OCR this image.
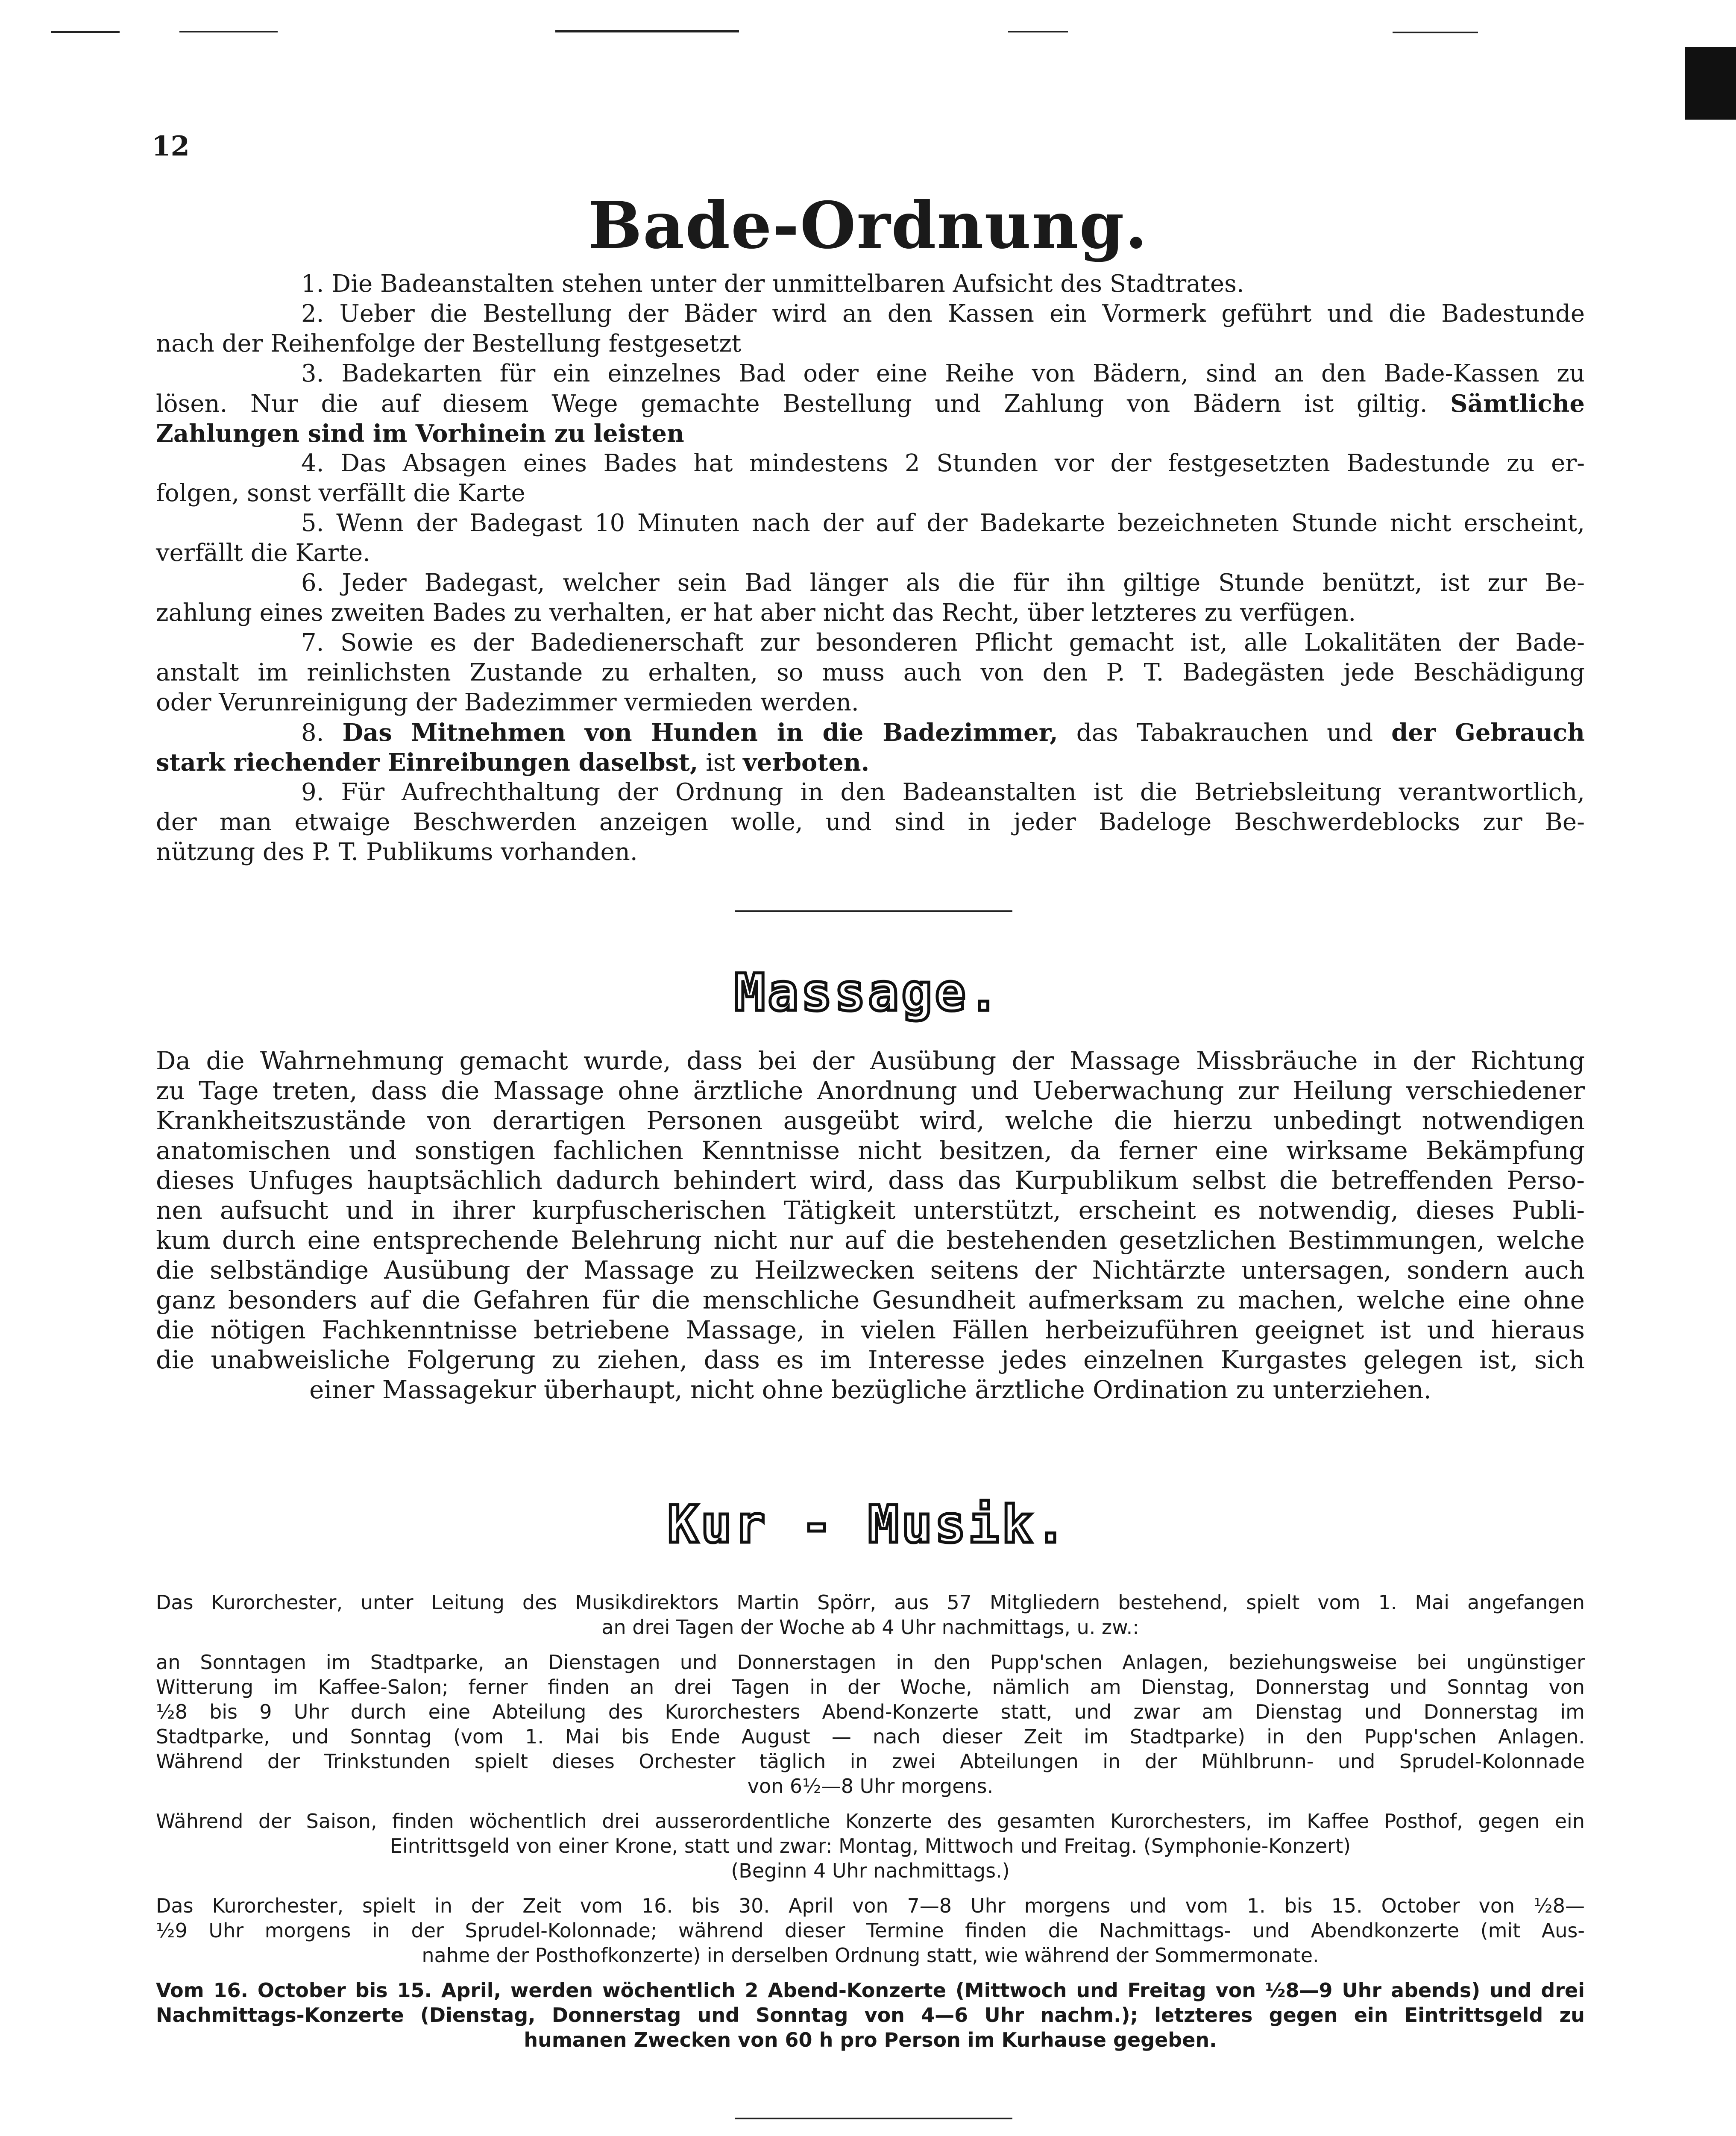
12
Bade-Ordnung.
1. Die Badeanstalten stehen unter der unmittelbaren Aufsicht des Stadtrates.
2. Ueber die Bestellung der Bäder wird an den Kassen ein Vormerk geführt und die Badestunde
nach der Reihenfolge der Bestellung festgesetzt
3. Badekarten für ein einzelnes Bad oder eine Reihe von Bädern, sind an den Bade-Kassen zu
lösen. Nur die auf diesem Wege gemachte Bestellung und Zahlung von Bädern ist giltig. Sämtliche
Zahlungen sind im Vorhinein zu leisten
4. Das Absagen eines Bades hat mindestens 2 Stunden vor der festgesetzten Badestunde zu er-
folgen, sonst verfällt die Karte
5. Wenn der Badegast 10 Minuten nach der auf der Badekarte bezeichneten Stunde nicht erscheint,
verfällt die Karte.
6. Jeder Badegast, welcher sein Bad länger als die für ihn giltige Stunde benützt, ist zur Be-
zahlung eines zweiten Bades zu verhalten, er hat aber nicht das Recht, über letzteres zu verfügen.
7. Sowie es der Badedienerschaft zur besonderen Pflicht gemacht ist, alle Lokalitäten der Bade-
anstalt im reinlichsten Zustande zu erhalten, so muss auch von den P. T. Badegästen jede Beschädigung
oder Verunreinigung der Badezimmer vermieden werden.
8. Das Mitnehmen von Hunden in die Badezimmer, das Tabakrauchen und der Gebrauch
stark riechender Einreibungen daselbst, ist verboten.
9. Für Aufrechthaltung der Ordnung in den Badeanstalten ist die Betriebsleitung verantwortlich,
der man etwaige Beschwerden anzeigen wolle, und sind in jeder Badeloge Beschwerdeblocks zur Be-
nützung des P. T. Publikums vorhanden.
Massage.
Da die Wahrnehmung gemacht wurde, dass bei der Ausübung der Massage Missbräuche in der Richtung
zu Tage treten, dass die Massage ohne ärztliche Anordnung und Ueberwachung zur Heilung verschiedener
Krankheitszustände von derartigen Personen ausgeübt wird, welche die hierzu unbedingt notwendigen
anatomischen und sonstigen fachlichen Kenntnisse nicht besitzen, da ferner eine wirksame Bekämpfung
dieses Unfuges hauptsächlich dadurch behindert wird, dass das Kurpublikum selbst die betreffenden Perso-
nen aufsucht und in ihrer kurpfuscherischen Tätigkeit unterstützt, erscheint es notwendig, dieses Publi-
kum durch eine entsprechende Belehrung nicht nur auf die bestehenden gesetzlichen Bestimmungen, welche
die selbständige Ausübung der Massage zu Heilzwecken seitens der Nichtärzte untersagen, sondern auch
ganz besonders auf die Gefahren für die menschliche Gesundheit aufmerksam zu machen, welche eine ohne
die nötigen Fachkenntnisse betriebene Massage, in vielen Fällen herbeizuführen geeignet ist und hieraus
die unabweisliche Folgerung zu ziehen, dass es im Interesse jedes einzelnen Kurgastes gelegen ist, sich
einer Massagekur überhaupt, nicht ohne bezügliche ärztliche Ordination zu unterziehen.
Kur - Musik.
Das Kurorchester, unter Leitung des Musikdirektors Martin Spörr, aus 57 Mitgliedern bestehend, spielt vom 1. Mai angefangen
an drei Tagen der Woche ab 4 Uhr nachmittags, u. zw.:
an Sonntagen im Stadtparke, an Dienstagen und Donnerstagen in den Pupp'schen Anlagen, beziehungsweise bei ungünstiger
Witterung im Kaffee-Salon; ferner finden an drei Tagen in der Woche, nämlich am Dienstag, Donnerstag und Sonntag von
½8 bis 9 Uhr durch eine Abteilung des Kurorchesters Abend-Konzerte statt, und zwar am Dienstag und Donnerstag im
Stadtparke, und Sonntag (vom 1. Mai bis Ende August — nach dieser Zeit im Stadtparke) in den Pupp'schen Anlagen.
Während der Trinkstunden spielt dieses Orchester täglich in zwei Abteilungen in der Mühlbrunn- und Sprudel-Kolonnade
von 6½—8 Uhr morgens.
Während der Saison, finden wöchentlich drei ausserordentliche Konzerte des gesamten Kurorchesters, im Kaffee Posthof, gegen ein
Eintrittsgeld von einer Krone, statt und zwar: Montag, Mittwoch und Freitag. (Symphonie-Konzert)
(Beginn 4 Uhr nachmittags.)
Das Kurorchester, spielt in der Zeit vom 16. bis 30. April von 7—8 Uhr morgens und vom 1. bis 15. October von ½8—
½9 Uhr morgens in der Sprudel-Kolonnade; während dieser Termine finden die Nachmittags- und Abendkonzerte (mit Aus-
nahme der Posthofkonzerte) in derselben Ordnung statt, wie während der Sommermonate.
Vom 16. October bis 15. April, werden wöchentlich 2 Abend-Konzerte (Mittwoch und Freitag von ½8—9 Uhr abends) und drei
Nachmittags-Konzerte (Dienstag, Donnerstag und Sonntag von 4—6 Uhr nachm.); letzteres gegen ein Eintrittsgeld zu
humanen Zwecken von 60 h pro Person im Kurhause gegeben.
